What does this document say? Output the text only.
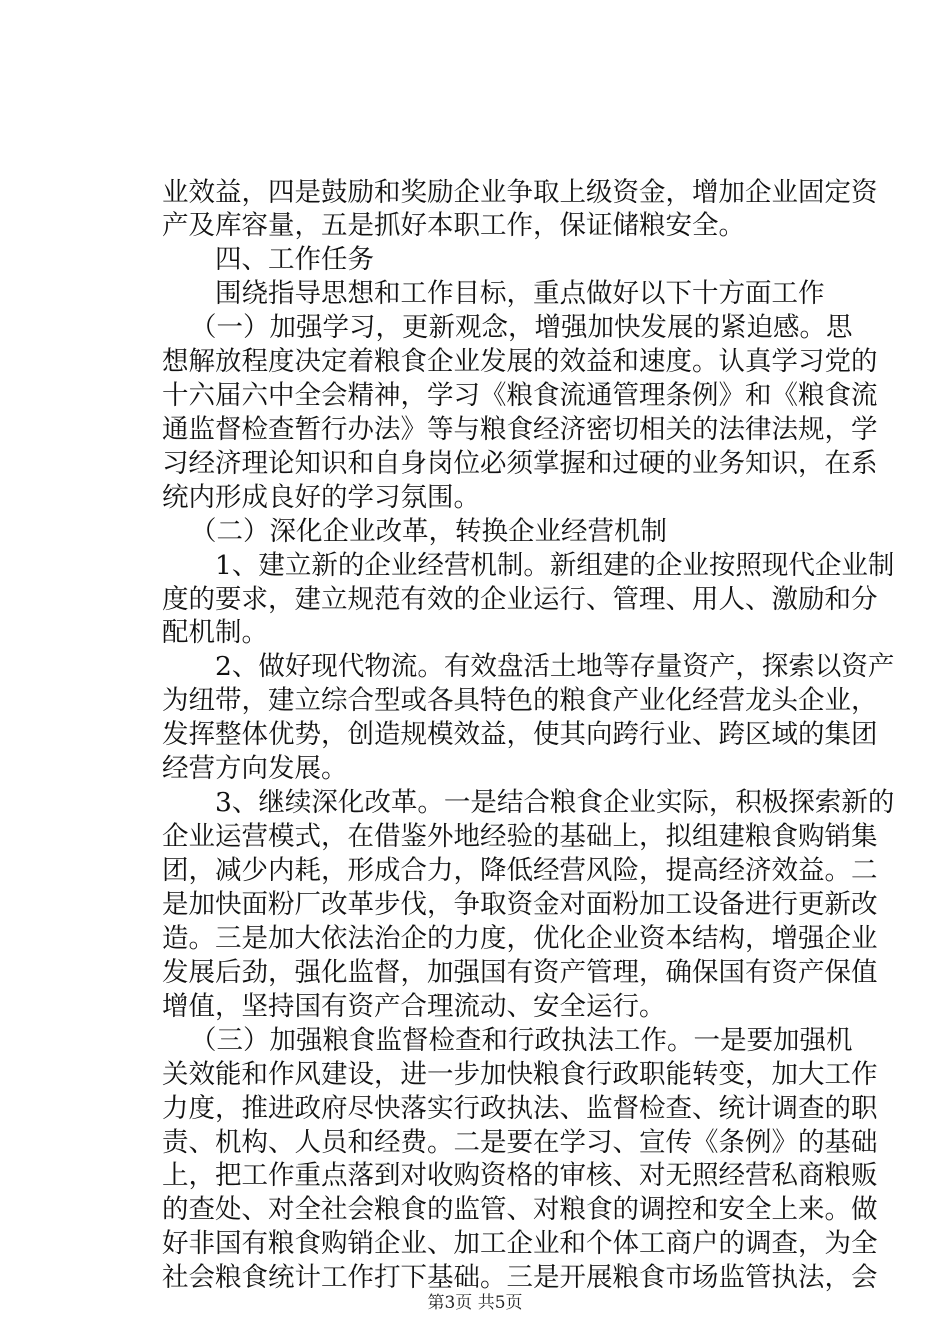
业效益，四是鼓励和奖励企业争取上级资金，增加企业固定资
产及库容量，五是抓好本职工作，保证储粮安全。
四、工作任务
围绕指导思想和工作目标，重点做好以下十方面工作
（一）加强学习，更新观念，增强加快发展的紧迫感。思
想解放程度决定着粮食企业发展的效益和速度。认真学习党的
十六届六中全会精神，学习《粮食流通管理条例》和《粮食流
通监督检查暂行办法》等与粮食经济密切相关的法律法规，学
习经济理论知识和自身岗位必须掌握和过硬的业务知识，在系
统内形成良好的学习氛围。
（二）深化企业改革，转换企业经营机制
1、建立新的企业经营机制。新组建的企业按照现代企业制
度的要求，建立规范有效的企业运行、管理、用人、激励和分
配机制。
2、做好现代物流。有效盘活土地等存量资产，探索以资产
为纽带，建立综合型或各具特色的粮食产业化经营龙头企业，
发挥整体优势，创造规模效益，使其向跨行业、跨区域的集团
经营方向发展。
3、继续深化改革。一是结合粮食企业实际，积极探索新的
企业运营模式，在借鉴外地经验的基础上，拟组建粮食购销集
团，减少内耗，形成合力，降低经营风险，提高经济效益。二
是加快面粉厂改革步伐，争取资金对面粉加工设备进行更新改
造。三是加大依法治企的力度，优化企业资本结构，增强企业
发展后劲，强化监督，加强国有资产管理，确保国有资产保值
增值，坚持国有资产合理流动、安全运行。
（三）加强粮食监督检查和行政执法工作。一是要加强机
关效能和作风建设，进一步加快粮食行政职能转变，加大工作
力度，推进政府尽快落实行政执法、监督检查、统计调查的职
责、机构、人员和经费。二是要在学习、宣传《条例》的基础
上，把工作重点落到对收购资格的审核、对无照经营私商粮贩
的查处、对全社会粮食的监管、对粮食的调控和安全上来。做
好非国有粮食购销企业、加工企业和个体工商户的调查，为全
社会粮食统计工作打下基础。三是开展粮食市场监管执法，会
第3页 共5页
